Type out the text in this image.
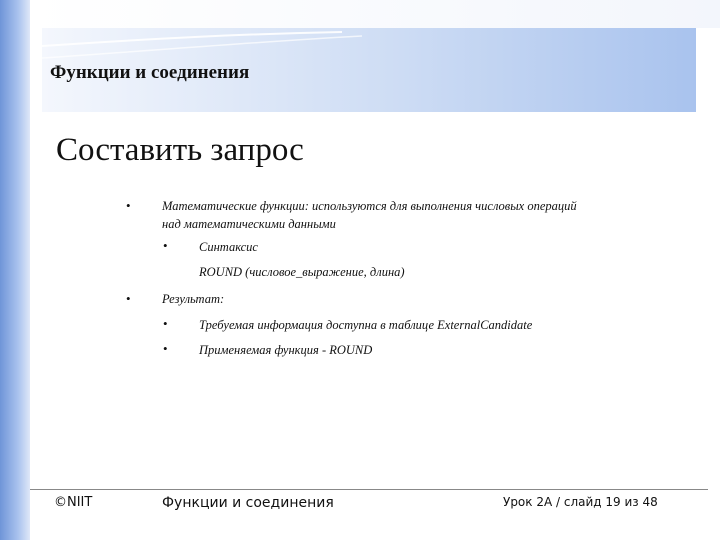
Функции и соединения
Составить запрос
•	Математические функции: используются для выполнения числовых операций
над математическими данными
•	Синтаксис
ROUND (числовое_выражение, длина)
•	Результат:
•	Требуемая информация доступна в таблице ExternalCandidate
•	Применяемая функция - ROUND
©NIIT	Функции и соединения	Урок 2А / слайд 19 из 48
